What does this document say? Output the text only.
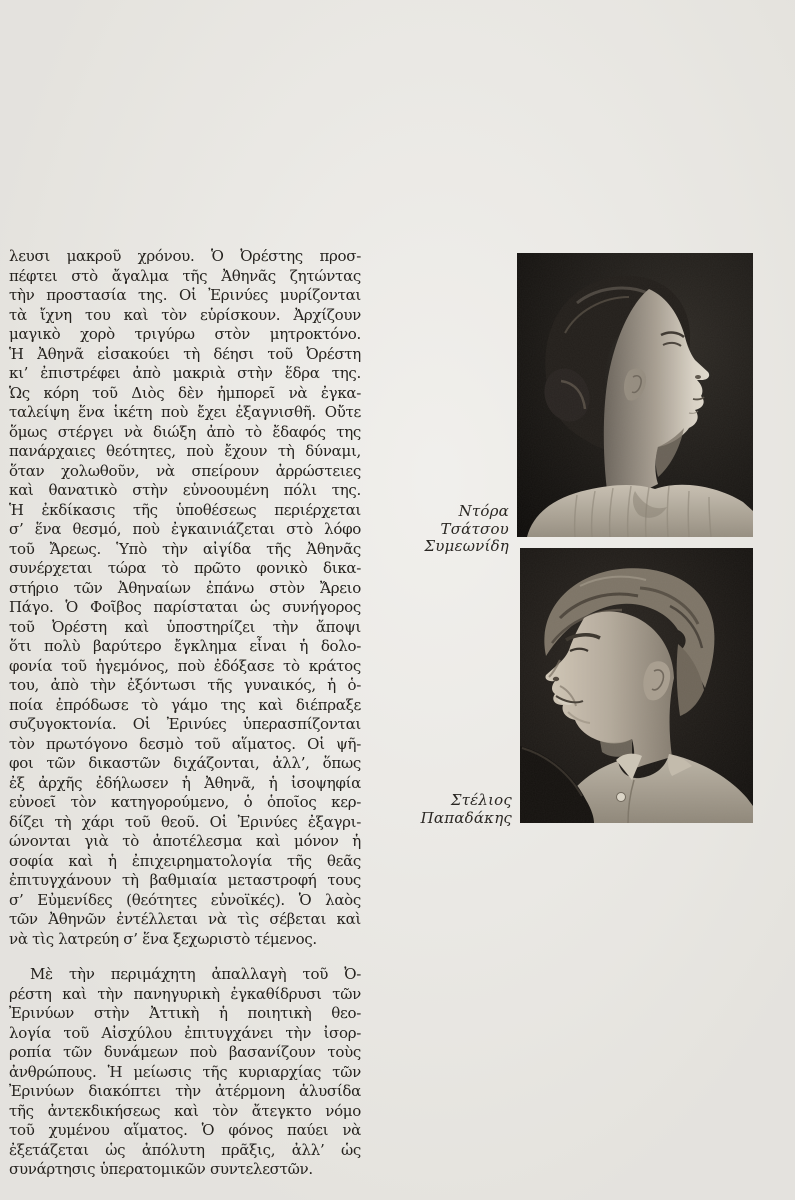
λευσι μακροῦ χρόνου. Ὁ Ὀρέστης προσ-
πέφτει στὸ ἄγαλμα τῆς Ἀθηνᾶς ζητώντας
τὴν προστασία της. Οἱ Ἐρινύες μυρίζονται
τὰ ἴχνη του καὶ τὸν εὑρίσκουν. Ἀρχίζουν
μαγικὸ χορὸ τριγύρω στὸν μητροκτόνο.
Ἡ Ἀθηνᾶ εἰσακούει τὴ δέησι τοῦ Ὀρέστη
κι’ ἐπιστρέφει ἀπὸ μακριὰ στὴν ἕδρα της.
Ὡς κόρη τοῦ Διὸς δὲν ἠμπορεῖ νὰ ἐγκα-
ταλείψη ἕνα ἱκέτη ποὺ ἔχει ἐξαγνισθῆ. Οὔτε
ὅμως στέργει νὰ διώξη ἀπὸ τὸ ἔδαφός της
πανάρχαιες θεότητες, ποὺ ἔχουν τὴ δύναμι,
ὅταν χολωθοῦν, νὰ σπείρουν ἀρρώστειες
καὶ θανατικὸ στὴν εὐνοουμένη πόλι της.
Ἡ ἐκδίκασις τῆς ὑποθέσεως περιέρχεται
σ’ ἕνα θεσμό, ποὺ ἐγκαινιάζεται στὸ λόφο
τοῦ Ἄρεως. Ὑπὸ τὴν αἰγίδα τῆς Ἀθηνᾶς
συνέρχεται τώρα τὸ πρῶτο φονικὸ δικα-
στήριο τῶν Ἀθηναίων ἐπάνω στὸν Ἄρειο
Πάγο. Ὁ Φοῖβος παρίσταται ὡς συνήγορος
τοῦ Ὀρέστη καὶ ὑποστηρίζει τὴν ἄποψι
ὅτι πολὺ βαρύτερο ἔγκλημα εἶναι ἡ δολο-
φονία τοῦ ἡγεμόνος, ποὺ ἐδόξασε τὸ κράτος
του, ἀπὸ τὴν ἐξόντωσι τῆς γυναικός, ἡ ὁ-
ποία ἐπρόδωσε τὸ γάμο της καὶ διέπραξε
συζυγοκτονία. Οἱ Ἐρινύες ὑπερασπίζονται
τὸν πρωτόγονο δεσμὸ τοῦ αἵματος. Οἱ ψῆ-
φοι τῶν δικαστῶν διχάζονται, ἀλλ’, ὅπως
ἐξ ἀρχῆς ἐδήλωσεν ἡ Ἀθηνᾶ, ἡ ἰσοψηφία
εὐνοεῖ τὸν κατηγορούμενο, ὁ ὁποῖος κερ-
δίζει τὴ χάρι τοῦ θεοῦ. Οἱ Ἐρινύες ἐξαγρι-
ώνονται γιὰ τὸ ἀποτέλεσμα καὶ μόνον ἡ
σοφία καὶ ἡ ἐπιχειρηματολογία τῆς θεᾶς
ἐπιτυγχάνουν τὴ βαθμιαία μεταστροφή τους
σ’ Εὐμενίδες (θεότητες εὐνοϊκές). Ὁ λαὸς
τῶν Ἀθηνῶν ἐντέλλεται νὰ τὶς σέβεται καὶ
νὰ τὶς λατρεύη σ’ ἕνα ξεχωριστὸ τέμενος.
Μὲ τὴν περιμάχητη ἀπαλλαγὴ τοῦ Ὀ-
ρέστη καὶ τὴν πανηγυρικὴ ἐγκαθίδρυσι τῶν
Ἐρινύων στὴν Ἀττικὴ ἡ ποιητικὴ θεο-
λογία τοῦ Αἰσχύλου ἐπιτυγχάνει τὴν ἰσορ-
ροπία τῶν δυνάμεων ποὺ βασανίζουν τοὺς
ἀνθρώπους. Ἡ μείωσις τῆς κυριαρχίας τῶν
Ἐρινύων διακόπτει τὴν ἀτέρμονη ἁλυσίδα
τῆς ἀντεκδικήσεως καὶ τὸν ἄτεγκτο νόμο
τοῦ χυμένου αἵματος. Ὁ φόνος παύει νὰ
ἐξετάζεται ὡς ἀπόλυτη πρᾶξις, ἀλλ’ ὡς
συνάρτησις ὑπερατομικῶν συντελεστῶν.
Ντόρα Τσάτσου
Συμεωνίδη
Στέλιος
Παπαδάκης
